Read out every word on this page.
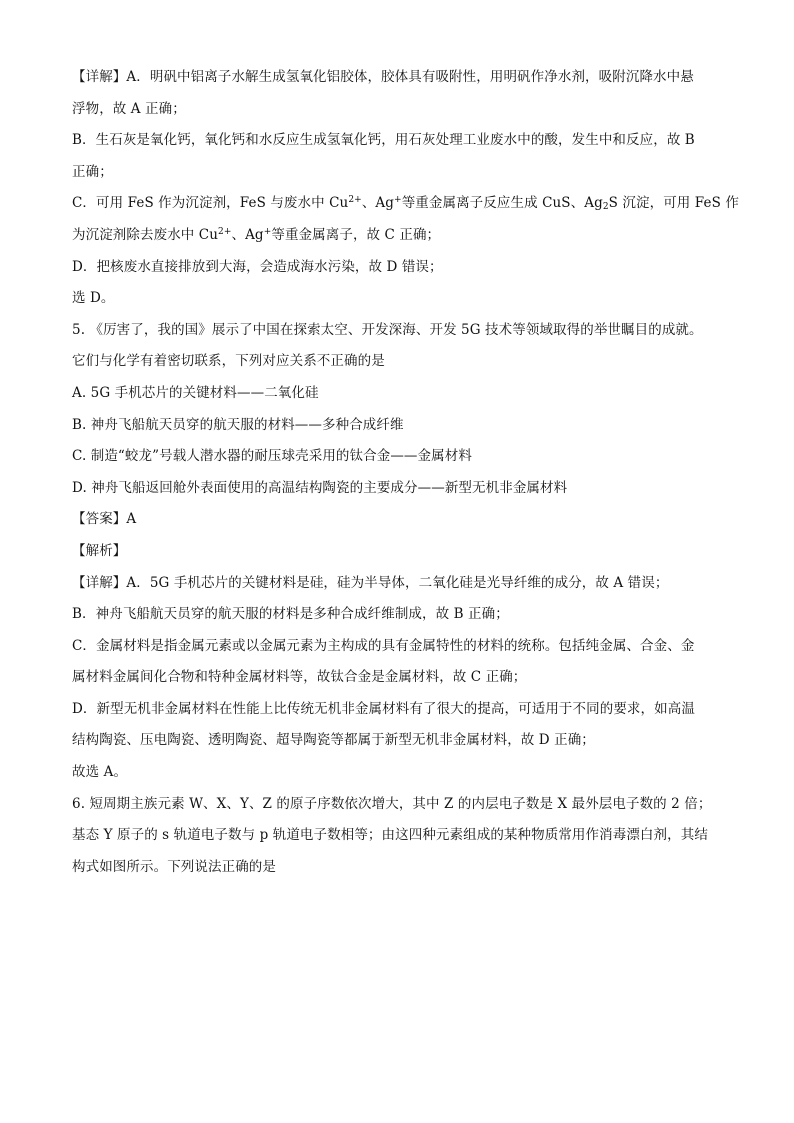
【详解】A．明矾中铝离子水解生成氢氧化铝胶体，胶体具有吸附性，用明矾作净水剂，吸附沉降水中悬
浮物，故 A 正确；
B．生石灰是氧化钙，氧化钙和水反应生成氢氧化钙，用石灰处理工业废水中的酸，发生中和反应，故 B
正确；
C．可用 FeS 作为沉淀剂，FeS 与废水中 $Cu^{2+}$、Ag+等重金属离子反应生成 CuS、$Ag_2S$ 沉淀，可用 FeS 作
为沉淀剂除去废水中 $Cu^{2+}$、Ag+等重金属离子，故 C 正确；
D．把核废水直接排放到大海，会造成海水污染，故 D 错误；
选 D。
5. 《厉害了，我的国》展示了中国在探索太空、开发深海、开发 5G 技术等领域取得的举世瞩目的成就。
它们与化学有着密切联系，下列对应关系不正确的是
A. 5G 手机芯片的关键材料——二氧化硅
B. 神舟飞船航天员穿的航天服的材料——多种合成纤维
C. 制造“蛟龙”号载人潜水器的耐压球壳采用的钛合金——金属材料
D. 神舟飞船返回舱外表面使用的高温结构陶瓷的主要成分——新型无机非金属材料
【答案】A
【解析】
【详解】A．5G 手机芯片的关键材料是硅，硅为半导体，二氧化硅是光导纤维的成分，故 A 错误；
B．神舟飞船航天员穿的航天服的材料是多种合成纤维制成，故 B 正确；
C．金属材料是指金属元素或以金属元素为主构成的具有金属特性的材料的统称。包括纯金属、合金、金
属材料金属间化合物和特种金属材料等，故钛合金是金属材料，故 C 正确；
D．新型无机非金属材料在性能上比传统无机非金属材料有了很大的提高，可适用于不同的要求，如高温
结构陶瓷、压电陶瓷、透明陶瓷、超导陶瓷等都属于新型无机非金属材料，故 D 正确；
故选 A。
6. 短周期主族元素 W、X、Y、Z 的原子序数依次增大，其中 Z 的内层电子数是 X 最外层电子数的 2 倍；
基态 Y 原子的 s 轨道电子数与 p 轨道电子数相等；由这四种元素组成的某种物质常用作消毒漂白剂，其结
构式如图所示。下列说法正确的是
